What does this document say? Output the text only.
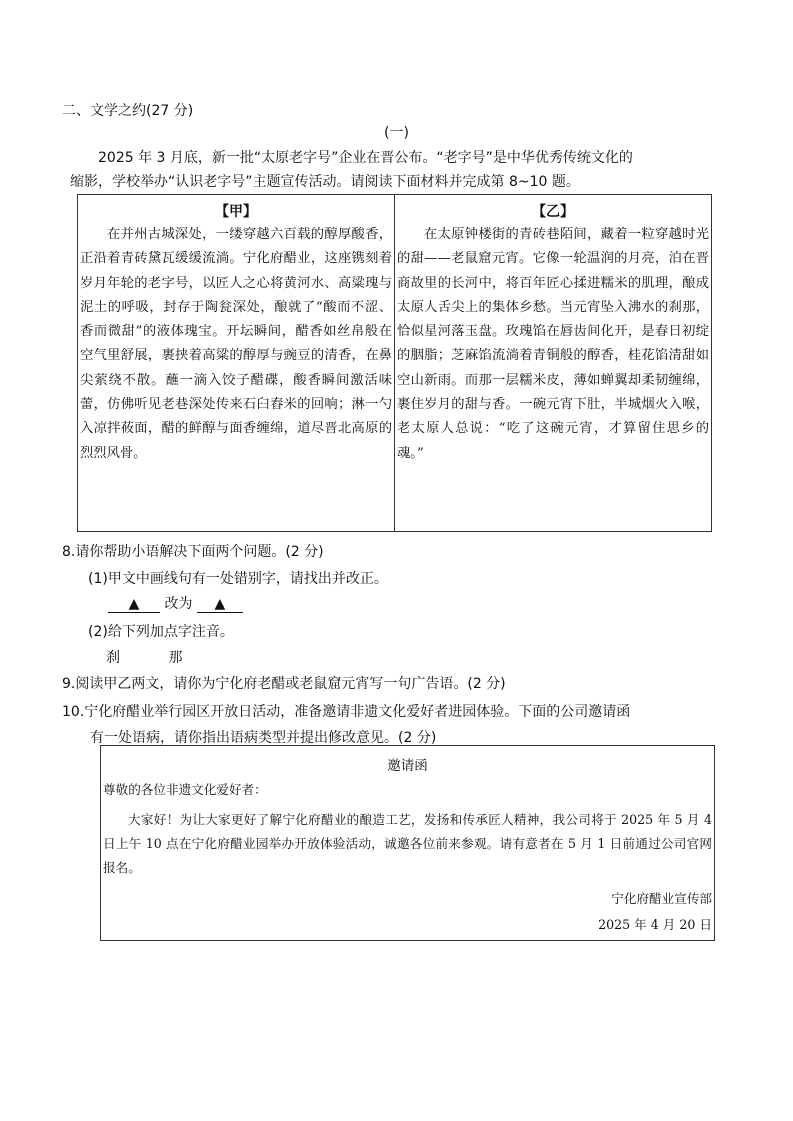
二、文学之约(27 分)
(一)

2025 年 3 月底，新一批“太原老字号”企业在晋公布。“老字号”是中华优秀传统文化的

缩影，学校举办“认识老字号”主题宣传活动。请阅读下面材料并完成第 8~10 题。

【甲】

在并州古城深处，一缕穿越六百载的醇厚酸香，正沿着青砖黛瓦缓缓流淌。宁化府醋业，这座镌刻着岁月年轮的老字号，以匠人之心将黄河水、高粱瑰与泥土的呼吸，封存于陶瓮深处，酿就了“酸而不涩、香而微甜”的液体瑰宝。开坛瞬间，醋香如丝帛般在空气里舒展，裹挟着高粱的醇厚与豌豆的清香，在鼻尖萦绕不散。蘸一滴入饺子醋碟，酸香瞬间激活味蕾，仿佛听见老巷深处传来石臼舂米的回响；淋一勺入凉拌莜面，醋的鲜醇与面香缠绵，道尽晋北高原的烈烈风骨。

【乙】

在太原钟楼街的青砖巷陌间，藏着一粒穿越时光的甜——老鼠窟元宵。它像一轮温润的月亮，泊在晋商故里的长河中，将百年匠心揉进糯米的肌理，酿成太原人舌尖上的集体乡愁。当元宵坠入沸水的刹那，恰似星河落玉盘。玫瑰馅在唇齿间化开，是春日初绽的胭脂；芝麻馅流淌着青铜般的醇香，桂花馅清甜如空山新雨。而那一层糯米皮，薄如蝉翼却柔韧缠绵，裹住岁月的甜与香。一碗元宵下肚，半城烟火入喉，老太原人总说：“吃了这碗元宵，才算留住思乡的魂。”

8.请你帮助小语解决下面两个问题。(2 分)
(1)甲文中画线句有一处错别字，请找出并改正。
▲ 改为 ▲
(2)给下列加点字注音。
刹	那
9.阅读甲乙两文，请你为宁化府老醋或老鼠窟元宵写一句广告语。(2 分)
10.宁化府醋业举行园区开放日活动，准备邀请非遗文化爱好者进园体验。下面的公司邀请函
有一处语病，请你指出语病类型并提出修改意见。(2 分)
邀请函
尊敬的各位非遗文化爱好者：
大家好！为让大家更好了解宁化府醋业的酿造工艺，发扬和传承匠人精神，我公司将于 2025 年 5 月 4 日上午 10 点在宁化府醋业园举办开放体验活动，诚邀各位前来参观。请有意者在 5 月 1 日前通过公司官网报名。
宁化府醋业宣传部
2025 年 4 月 20 日
